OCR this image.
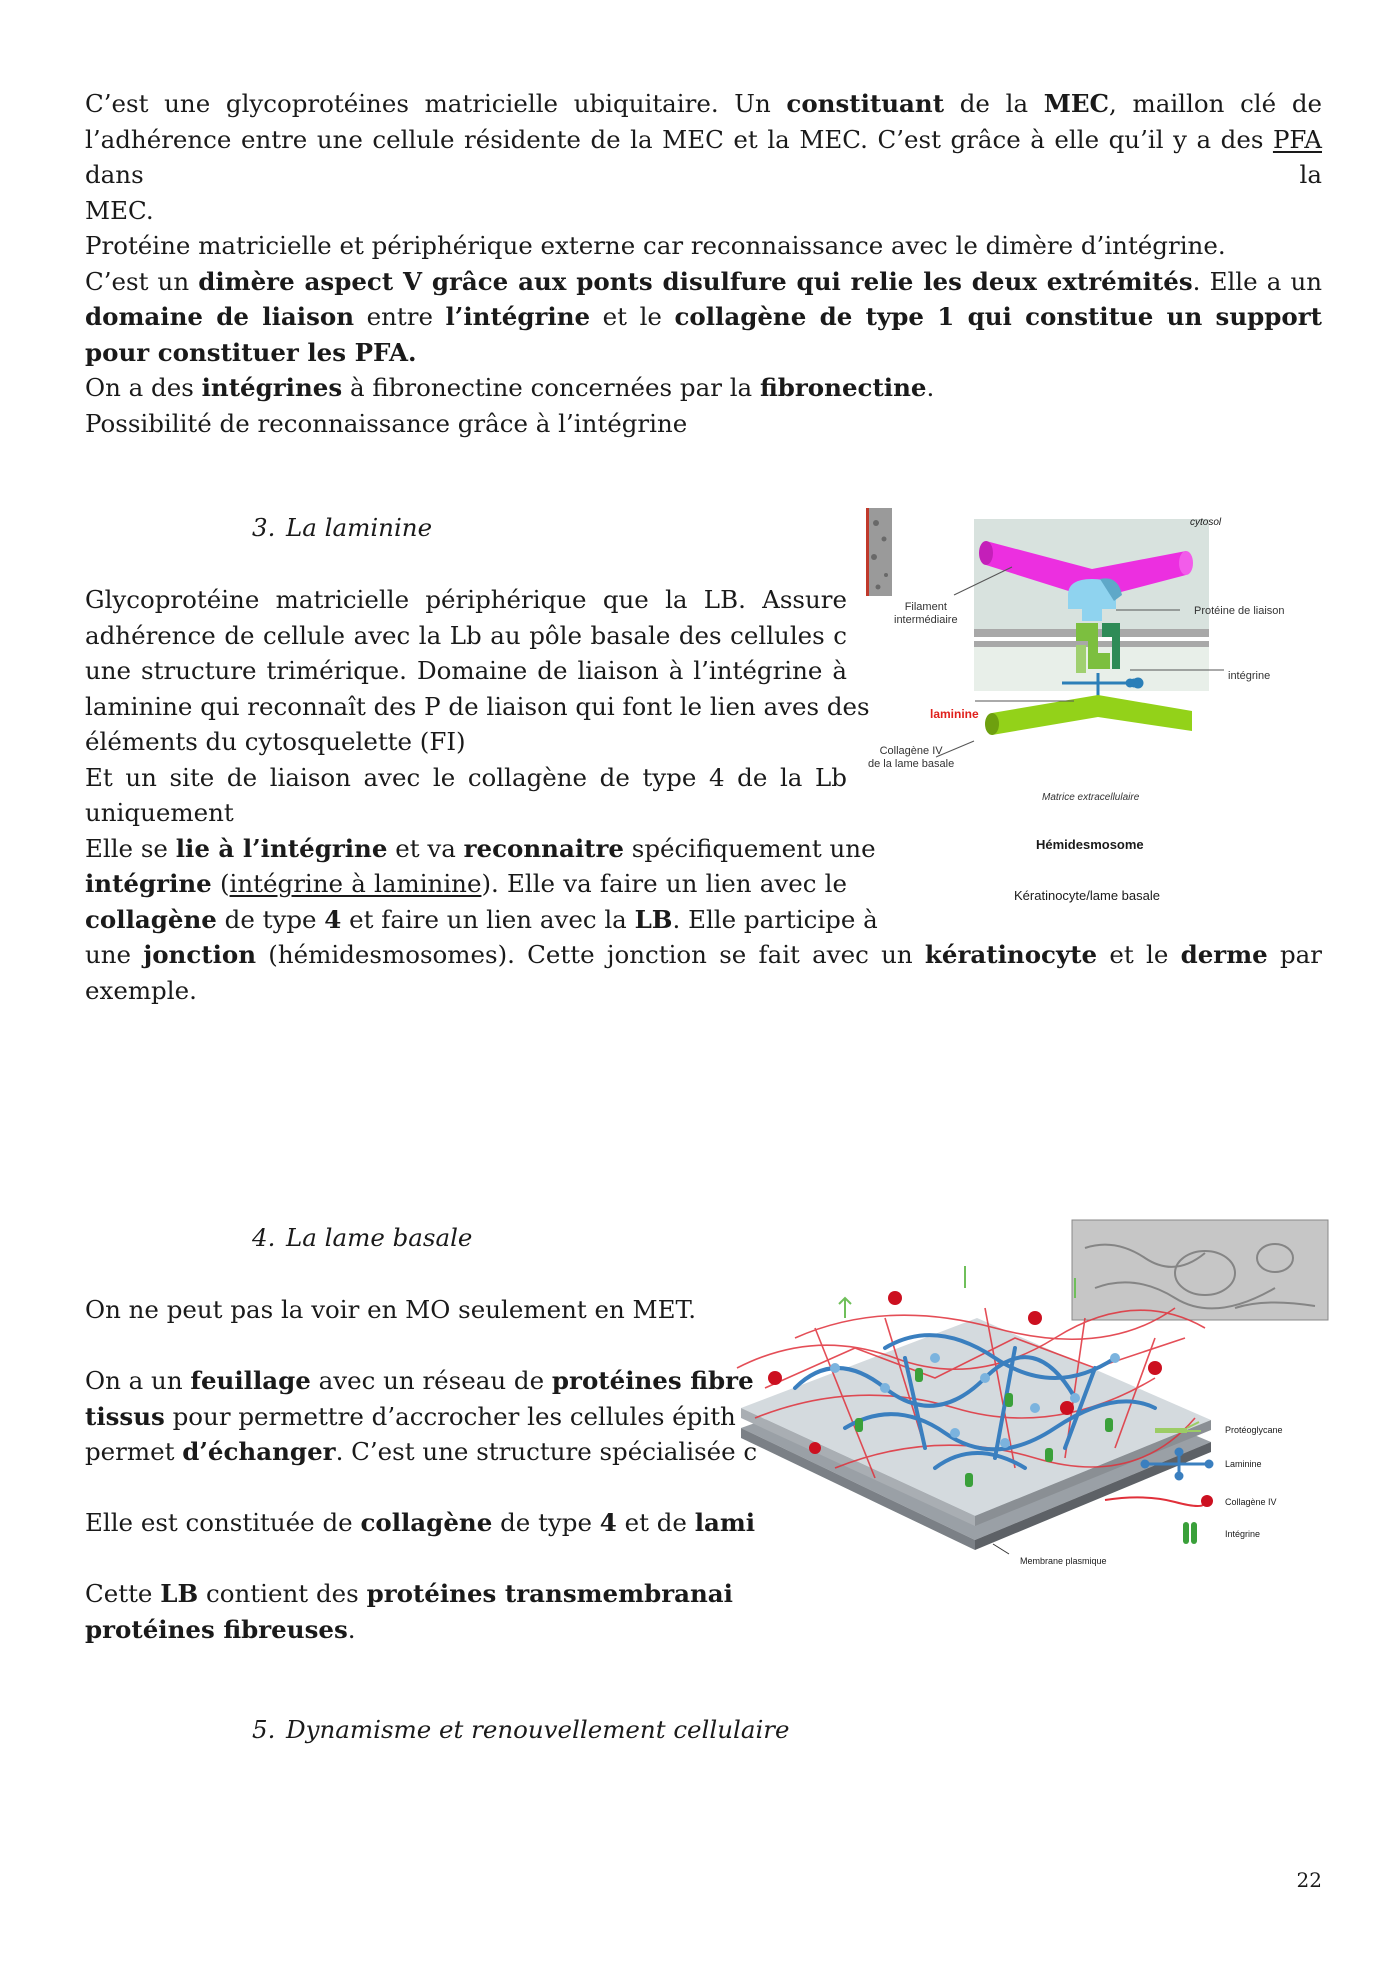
C’est une glycoprotéines matricielle ubiquitaire. Un constituant de la MEC, maillon clé de
l’adhérence entre une cellule résidente de la MEC et la MEC. C’est grâce à elle qu’il y a des PFA dans la
MEC.
Protéine matricielle et périphérique externe car reconnaissance avec le dimère d’intégrine.
C’est un dimère aspect V grâce aux ponts disulfure qui relie les deux extrémités. Elle a un domaine de liaison entre l’intégrine et le collagène de type 1 qui constitue un support pour constituer les PFA.
On a des intégrines à fibronectine concernées par la fibronectine.
Possibilité de reconnaissance grâce à l’intégrine
3. La laminine
Glycoprotéine matricielle périphérique que la LB. Assure
adhérence de cellule avec la Lb au pôle basale des cellules c
une structure trimérique. Domaine de liaison à l’intégrine à
laminine qui reconnaît des P de liaison qui font le lien aves des
éléments du cytosquelette (FI)
Et un site de liaison avec le collagène de type 4 de la Lb
uniquement
Elle se lie à l’intégrine et va reconnaitre spécifiquement une
intégrine (intégrine à laminine). Elle va faire un lien avec le
collagène de type 4 et faire un lien avec la LB. Elle participe à
une jonction (hémidesmosomes). Cette jonction se fait avec un kératinocyte et le derme par
exemple.
cytosol
Filament
intermédiaire
Protéine de liaison
intégrine
laminine
Collagène IV
de la lame basale
Matrice extracellulaire
Hémidesmosome
Kératinocyte/lame basale
4. La lame basale
On ne peut pas la voir en MO seulement en MET.
On a un feuillage avec un réseau de protéines fibre
tissus pour permettre d’accrocher les cellules épith
permet d’échanger. C’est une structure spécialisée c
Elle est constituée de collagène de type 4 et de lami
Cette LB contient des protéines transmembranai
protéines fibreuses.
Protéoglycane
Laminine
Collagène IV
Intégrine
Membrane plasmique
5. Dynamisme et renouvellement cellulaire
22
